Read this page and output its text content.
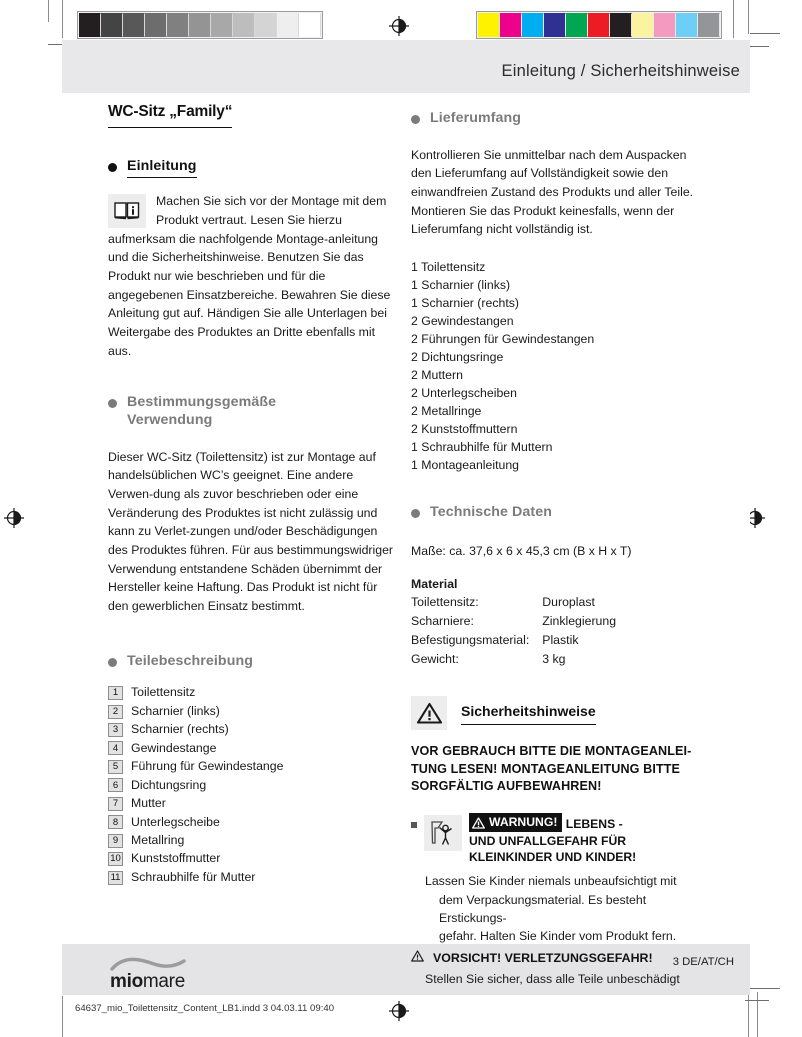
Einleitung / Sicherheitshinweise
WC-Sitz „Family“
Einleitung
Machen Sie sich vor der Montage mit dem Produkt vertraut. Lesen Sie hierzu aufmerksam die nachfolgende Montage-anleitung und die Sicherheitshinweise. Benutzen Sie das Produkt nur wie beschrieben und für die angegebenen Einsatzbereiche. Bewahren Sie diese Anleitung gut auf. Händigen Sie alle Unterlagen bei Weitergabe des Produktes an Dritte ebenfalls mit aus.
Bestimmungsgemäße
Verwendung

Dieser WC-Sitz (Toilettensitz) ist zur Montage auf handelsüblichen WC’s geeignet. Eine andere Verwen-dung als zuvor beschrieben oder eine Veränderung des Produktes ist nicht zulässig und kann zu Verlet-zungen und/oder Beschädigungen des Produktes führen. Für aus bestimmungswidriger Verwendung entstandene Schäden übernimmt der Hersteller keine Haftung. Das Produkt ist nicht für den gewerblichen Einsatz bestimmt.

Teilebeschreibung
1	Toilettensitz
2	Scharnier (links)
3	Scharnier (rechts)
4	Gewindestange
5	Führung für Gewindestange
6	Dichtungsring
7	Mutter
8	Unterlegscheibe
9	Metallring
10 Kunststoffmutter
11 Schraubhilfe für Mutter
Lieferumfang

Kontrollieren Sie unmittelbar nach dem Auspacken den Lieferumfang auf Vollständigkeit sowie den einwandfreien Zustand des Produkts und aller Teile. Montieren Sie das Produkt keinesfalls, wenn der Lieferumfang nicht vollständig ist.

1 Toilettensitz
1 Scharnier (links)
1 Scharnier (rechts)
2 Gewindestangen
2 Führungen für Gewindestangen
2 Dichtungsringe
2 Muttern
2 Unterlegscheiben
2 Metallringe
2 Kunststoffmuttern
1 Schraubhilfe für Muttern
1 Montageanleitung
Technische Daten

Maße: ca. 37,6 x 6 x 45,3 cm (B x H x T)

Material
Toilettensitz:	Duroplast
Scharniere:	Zinklegierung
Befestigungsmaterial:	Plastik
Gewicht:	3 kg
Sicherheitshinweise
VOR GEBRAUCH BITTE DIE MONTAGEANLEI-
TUNG LESEN! MONTAGEANLEITUNG BITTE
SORGFÄLTIG AUFBEWAHREN!
WARNUNG! LEBENS -
UND UNFALLGEFAHR FÜR
KLEINKINDER UND KINDER!
Lassen Sie Kinder niemals unbeaufsichtigt mit
dem Verpackungsmaterial. Es besteht Erstickungs-
gefahr. Halten Sie Kinder vom Produkt fern.
VORSICHT! VERLETZUNGSGEFAHR!
Stellen Sie sicher, dass alle Teile unbeschädigt
miomare
3 DE/AT/CH
64637_mio_Toilettensitz_Content_LB1.indd 3 04.03.11 09:40
